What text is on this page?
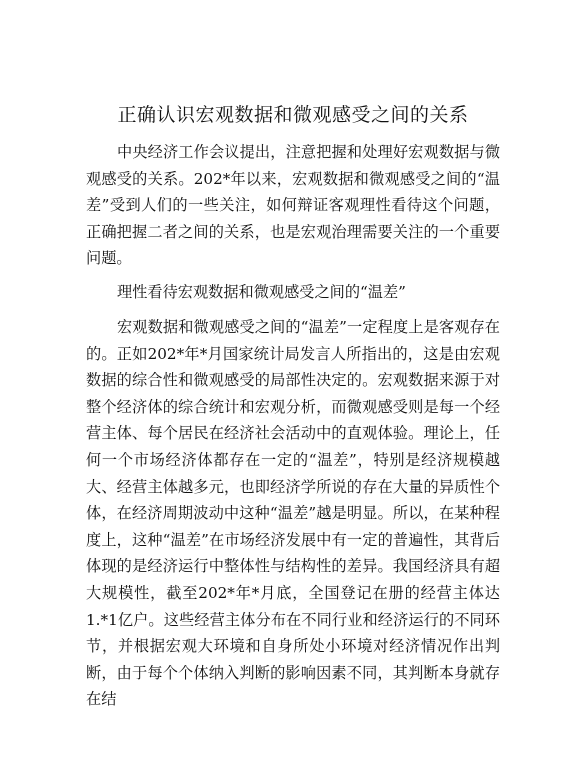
正确认识宏观数据和微观感受之间的关系

中央经济工作会议提出，注意把握和处理好宏观数据与微观感受的关系。202*年以来，宏观数据和微观感受之间的“温差”受到人们的一些关注，如何辩证客观理性看待这个问题，正确把握二者之间的关系，也是宏观治理需要关注的一个重要问题。

理性看待宏观数据和微观感受之间的“温差”

宏观数据和微观感受之间的“温差”一定程度上是客观存在的。正如202*年*月国家统计局发言人所指出的，这是由宏观数据的综合性和微观感受的局部性决定的。宏观数据来源于对整个经济体的综合统计和宏观分析，而微观感受则是每一个经营主体、每个居民在经济社会活动中的直观体验。理论上，任何一个市场经济体都存在一定的“温差”，特别是经济规模越大、经营主体越多元，也即经济学所说的存在大量的异质性个体，在经济周期波动中这种“温差”越是明显。所以，在某种程度上，这种“温差”在市场经济发展中有一定的普遍性，其背后体现的是经济运行中整体性与结构性的差异。我国经济具有超大规模性，截至202*年*月底，全国登记在册的经营主体达1.*1亿户。这些经营主体分布在不同行业和经济运行的不同环节，并根据宏观大环境和自身所处小环境对经济情况作出判断，由于每个个体纳入判断的影响因素不同，其判断本身就存在结
